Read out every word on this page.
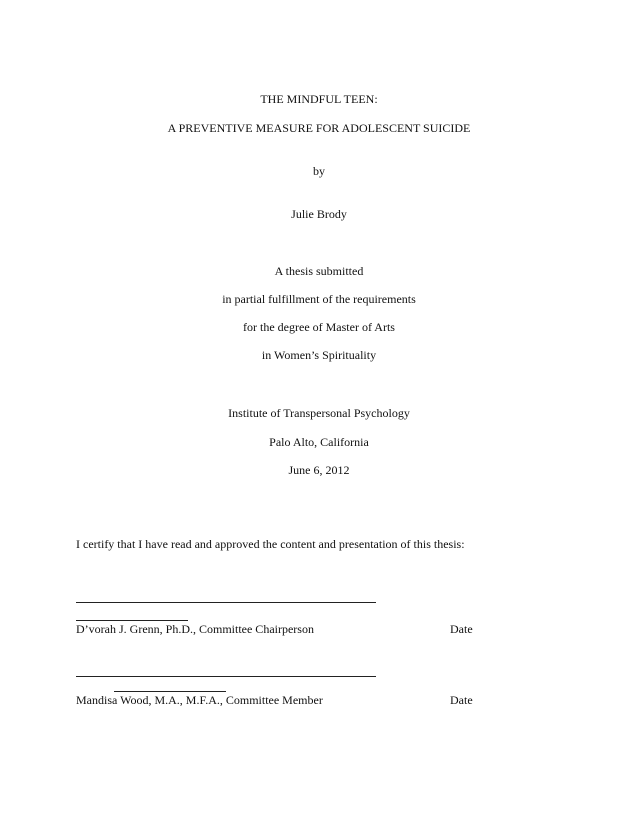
THE MINDFUL TEEN:
A PREVENTIVE MEASURE FOR ADOLESCENT SUICIDE
by
Julie Brody
A thesis submitted
in partial fulfillment of the requirements
for the degree of Master of Arts
in Women’s Spirituality
Institute of Transpersonal Psychology
Palo Alto, California
June 6, 2012
I certify that I have read and approved the content and presentation of this thesis:
D’vorah J. Grenn, Ph.D., Committee Chairperson	Date
Mandisa Wood, M.A., M.F.A., Committee Member	Date
